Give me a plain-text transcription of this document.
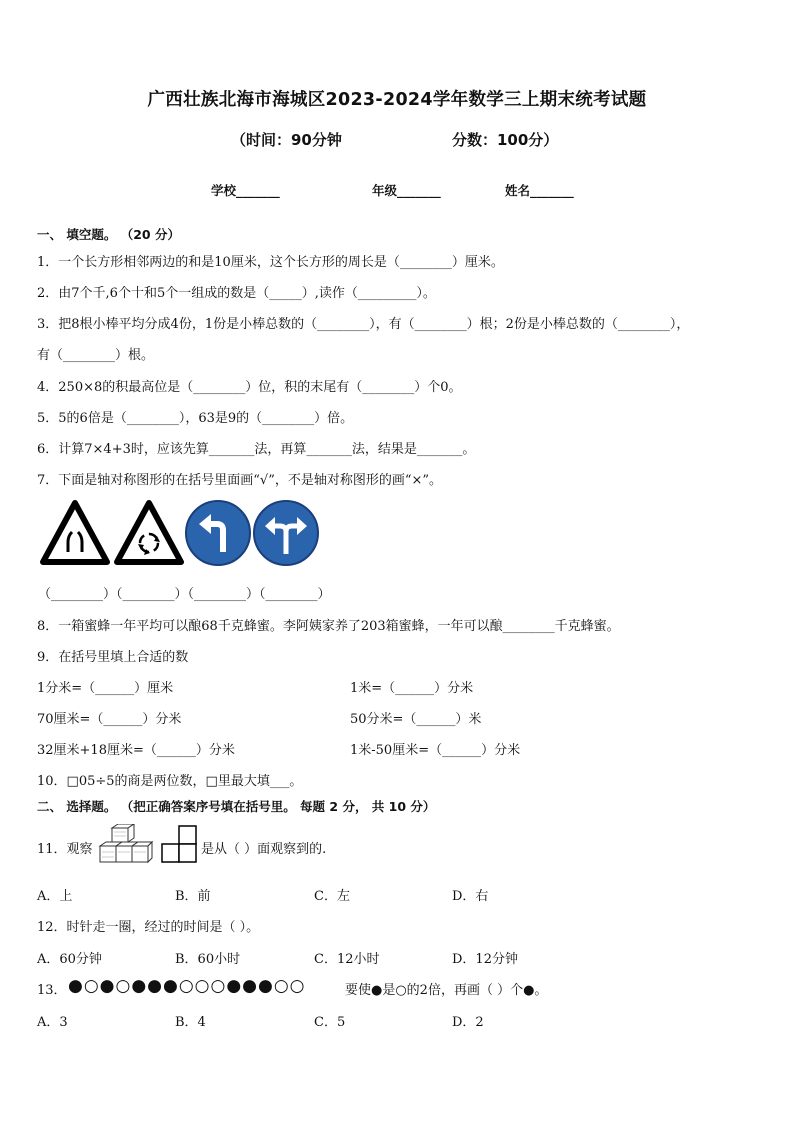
广西壮族北海市海城区2023-2024学年数学三上期末统考试题
（时间：90分钟	分数：100分）
学校_______	年级_______	姓名_______
一、 填空题。 （20 分）
1．一个长方形相邻两边的和是10厘米，这个长方形的周长是（________）厘米。
2．由7个千,6个十和5个一组成的数是（_____）,读作（_________）。
3．把8根小棒平均分成4份，1份是小棒总数的（________），有（________）根；2份是小棒总数的（________），
有（________）根。
4．250×8的积最高位是（________）位，积的末尾有（________）个0。
5．5的6倍是（________），63是9的（________）倍。
6．计算7×4+3时，应该先算_______法，再算_______法，结果是_______。
7．下面是轴对称图形的在括号里面画“√”，不是轴对称图形的画“×”。
（________）（________）（________）（________）
8．一箱蜜蜂一年平均可以酿68千克蜂蜜。李阿姨家养了203箱蜜蜂，一年可以酿________千克蜂蜜。
9．在括号里填上合适的数
1分米=（______）厘米	1米=（______）分米
70厘米=（______）分米	50分米=（______）米
32厘米+18厘米=（______）分米	1米-50厘米=（______）分米
10．□05÷5的商是两位数，□里最大填___。
二、 选择题。 （把正确答案序号填在括号里。 每题 2 分， 共 10 分）
11．观察	是从（ ）面观察到的.
A．上	B．前	C．左	D．右
12．时针走一圈，经过的时间是（ ）。
A．60分钟	B．60小时	C．12小时	D．12分钟
13． ●○●○●●●○○○●●●○○	要使●是○的2倍，再画（ ）个●。
A．3	B．4	C．5	D．2
